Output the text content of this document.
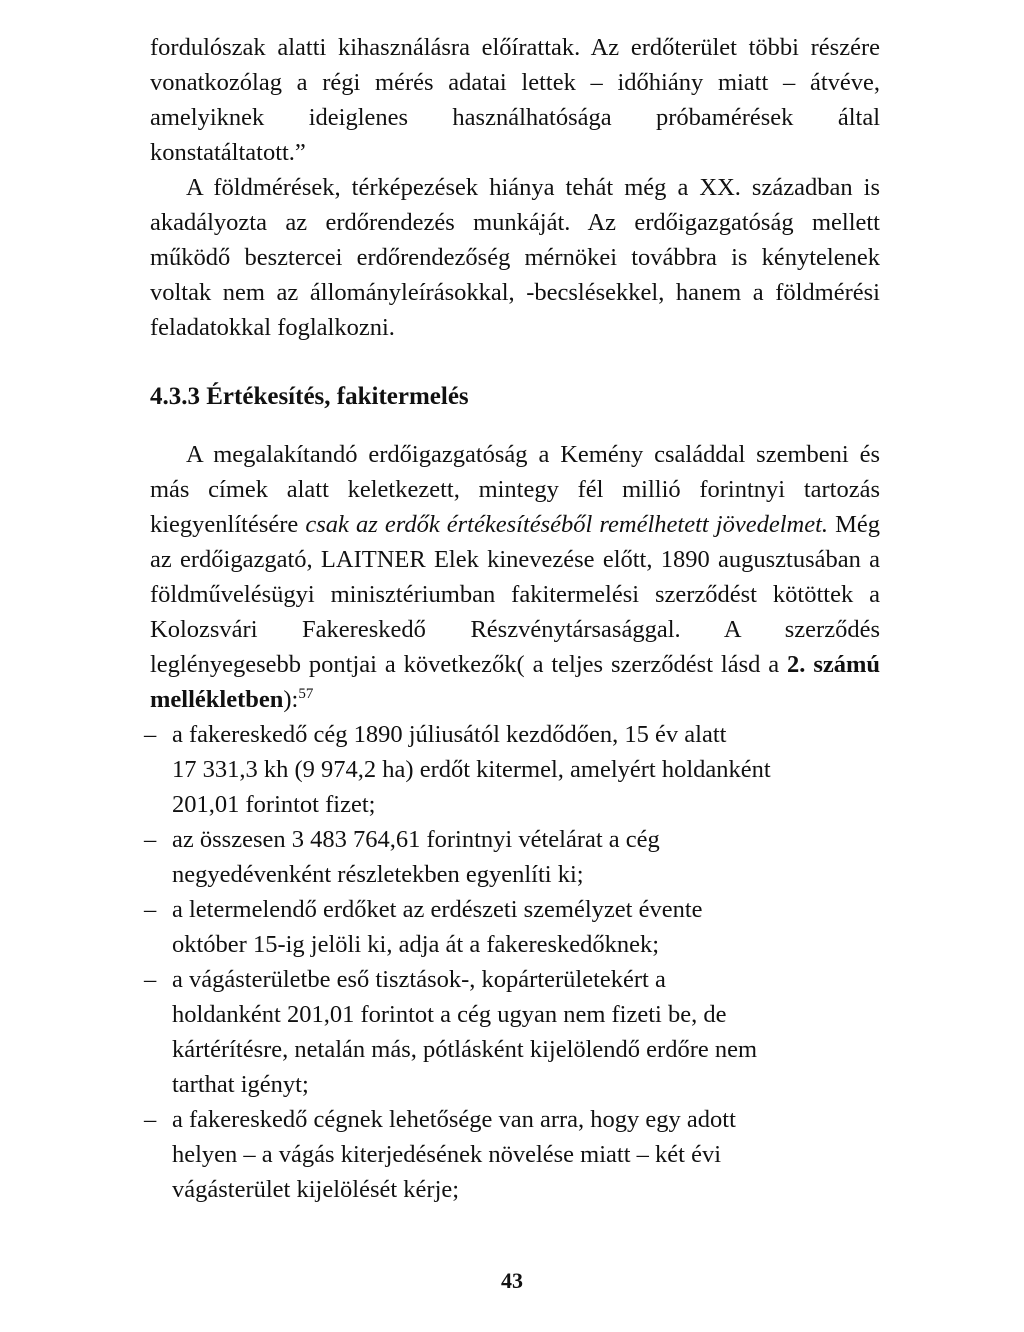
fordulószak alatti kihasználásra előírattak. Az erdőterület többi részére vonatkozólag a régi mérés adatai lettek – időhiány miatt – átvéve, amelyiknek ideiglenes használhatósága próbamérések által konstatáltatott.”

A földmérések, térképezések hiánya tehát még a XX. században is akadályozta az erdőrendezés munkáját. Az erdőigazgatóság mellett működő besztercei erdőrendezőség mérnökei továbbra is kénytelenek voltak nem az állományleírásokkal, -becslésekkel, hanem a földmérési feladatokkal foglalkozni.

4.3.3 Értékesítés, fakitermelés

A megalakítandó erdőigazgatóság a Kemény családdal szembeni és más címek alatt keletkezett, mintegy fél millió forintnyi tartozás kiegyenlítésére csak az erdők értékesítéséből remélhetett jövedelmet. Még az erdőigazgató, LAITNER Elek kinevezése előtt, 1890 augusztusában a földművelésügyi minisztériumban fakitermelési szerződést kötöttek a Kolozsvári Fakereskedő Részvénytársasággal. A szerződés leglényegesebb pontjai a következők( a teljes szerződést lásd a 2. számú mellékletben):$^{57}$

– a fakereskedő cég 1890 júliusától kezdődően, 15 év alatt
17 331,3 kh (9 974,2 ha) erdőt kitermel, amelyért holdanként
201,01 forintot fizet;
– az összesen 3 483 764,61 forintnyi vételárat a cég
negyedévenként részletekben egyenlíti ki;
– a letermelendő erdőket az erdészeti személyzet évente
október 15-ig jelöli ki, adja át a fakereskedőknek;
– a vágásterületbe eső tisztások-, kopárterületekért a
holdanként 201,01 forintot a cég ugyan nem fizeti be, de
kártérítésre, netalán más, pótlásként kijelölendő erdőre nem
tarthat igényt;
– a fakereskedő cégnek lehetősége van arra, hogy egy adott
helyen – a vágás kiterjedésének növelése miatt – két évi
vágásterület kijelölését kérje;
43
